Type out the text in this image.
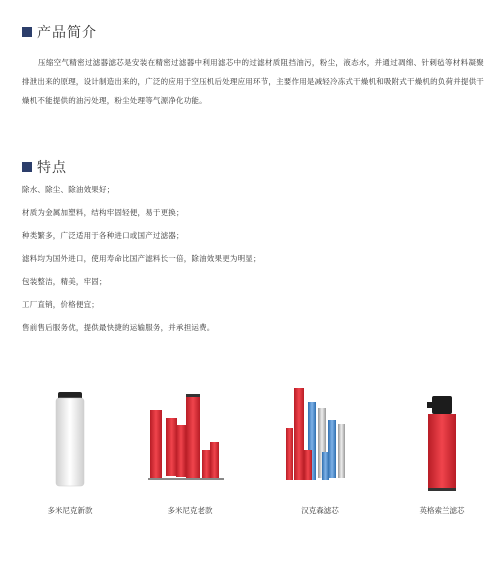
产品简介
压缩空气精密过滤器滤芯是安装在精密过滤器中利用滤芯中的过滤材质阻挡油污，粉尘，液态水，并通过凋绵、针刺毡等材料凝聚排泄出来的原理，设计制造出来的，广泛的应用于空压机后处理应用环节，主要作用是减轻冷冻式干燥机和吸附式干燥机的负荷并提供干燥机不能提供的油污处理，粉尘处理等气源净化功能。
特点
除水、除尘、除油效果好；
材质为金属加塑料，结构牢固轻便，易于更换；
种类繁多，广泛适用于各种进口或国产过滤器；
滤料均为国外进口，使用寿命比国产滤料长一倍，除油效果更为明显；
包装整洁，精美，牢固；
工厂直销，价格便宜；
售前售后服务优，提供最快捷的运输服务，并承担运费。
多米尼克新款	多米尼克老款	汉克森滤芯	英格索兰滤芯
